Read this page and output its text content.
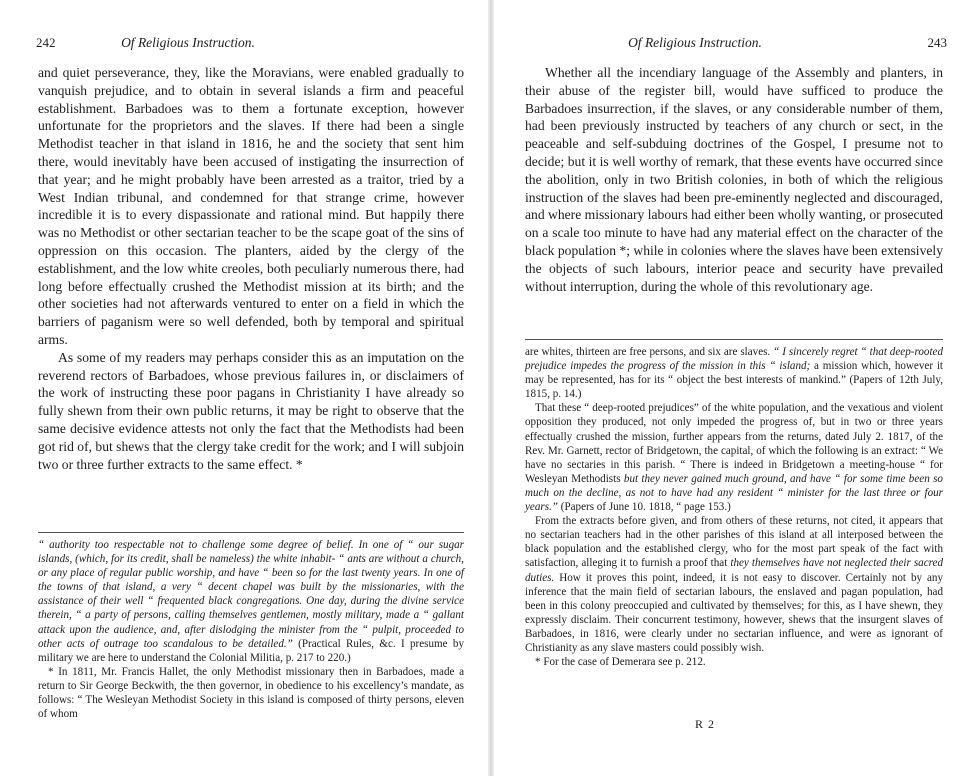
242	Of Religious Instruction.

and quiet perseverance, they, like the Moravians, were enabled gradually to vanquish prejudice, and to obtain in several islands a firm and peaceful establishment. Barbadoes was to them a fortunate exception, however unfortunate for the proprietors and the slaves. If there had been a single Methodist teacher in that island in 1816, he and the society that sent him there, would inevitably have been accused of instigating the insurrection of that year; and he might probably have been arrested as a traitor, tried by a West Indian tribunal, and condemned for that strange crime, however incredible it is to every dispassionate and rational mind. But happily there was no Methodist or other sectarian teacher to be the scape goat of the sins of oppression on this occasion. The planters, aided by the clergy of the establishment, and the low white creoles, both peculiarly numerous there, had long before effectually crushed the Methodist mission at its birth; and the other societies had not afterwards ventured to enter on a field in which the barriers of paganism were so well defended, both by temporal and spiritual arms.

As some of my readers may perhaps consider this as an imputation on the reverend rectors of Barbadoes, whose previous failures in, or disclaimers of the work of instructing these poor pagans in Christianity I have already so fully shewn from their own public returns, it may be right to observe that the same decisive evidence attests not only the fact that the Methodists had been got rid of, but shews that the clergy take credit for the work; and I will subjoin two or three further extracts to the same effect. *

“ authority too respectable not to challenge some degree of belief. In one of “ our sugar islands, (which, for its credit, shall be nameless) the white inhabit- “ ants are without a church, or any place of regular public worship, and have “ been so for the last twenty years. In one of the towns of that island, a very “ decent chapel was built by the missionaries, with the assistance of their well “ frequented black congregations. One day, during the divine service therein, “ a party of persons, calling themselves gentlemen, mostly military, made a “ gallant attack upon the audience, and, after dislodging the minister from the “ pulpit, proceeded to other acts of outrage too scandalous to be detailed.” (Practical Rules, &c. I presume by military we are here to understand the Colonial Militia, p. 217 to 220.)

* In 1811, Mr. Francis Hallet, the only Methodist missionary then in Barbadoes, made a return to Sir George Beckwith, the then governor, in obedience to his excellency’s mandate, as follows: “ The Wesleyan Methodist Society in this island is composed of thirty persons, eleven of whom

Of Religious Instruction.	243

Whether all the incendiary language of the Assembly and planters, in their abuse of the register bill, would have sufficed to produce the Barbadoes insurrection, if the slaves, or any considerable number of them, had been previously instructed by teachers of any church or sect, in the peaceable and self-subduing doctrines of the Gospel, I presume not to decide; but it is well worthy of remark, that these events have occurred since the abolition, only in two British colonies, in both of which the religious instruction of the slaves had been pre-eminently neglected and discouraged, and where missionary labours had either been wholly wanting, or prosecuted on a scale too minute to have had any material effect on the character of the black population *; while in colonies where the slaves have been extensively the objects of such labours, interior peace and security have prevailed without interruption, during the whole of this revolutionary age.

are whites, thirteen are free persons, and six are slaves. “ I sincerely regret “ that deep-rooted prejudice impedes the progress of the mission in this “ island; a mission which, however it may be represented, has for its “ object the best interests of mankind.” (Papers of 12th July, 1815, p. 14.)

That these “ deep-rooted prejudices” of the white population, and the vexatious and violent opposition they produced, not only impeded the progress of, but in two or three years effectually crushed the mission, further appears from the returns, dated July 2. 1817, of the Rev. Mr. Garnett, rector of Bridgetown, the capital, of which the following is an extract: “ We have no sectaries in this parish. “ There is indeed in Bridgetown a meeting-house “ for Wesleyan Methodists but they never gained much ground, and have “ for some time been so much on the decline, as not to have had any resident “ minister for the last three or four years.” (Papers of June 10. 1818, “ page 153.)

From the extracts before given, and from others of these returns, not cited, it appears that no sectarian teachers had in the other parishes of this island at all interposed between the black population and the established clergy, who for the most part speak of the fact with satisfaction, alleging it to furnish a proof that they themselves have not neglected their sacred duties. How it proves this point, indeed, it is not easy to discover. Certainly not by any inference that the main field of sectarian labours, the enslaved and pagan population, had been in this colony preoccupied and cultivated by themselves; for this, as I have shewn, they expressly disclaim. Their concurrent testimony, however, shews that the insurgent slaves of Barbadoes, in 1816, were clearly under no sectarian influence, and were as ignorant of Christianity as any slave masters could possibly wish.

* For the case of Demerara see p. 212.

R 2
